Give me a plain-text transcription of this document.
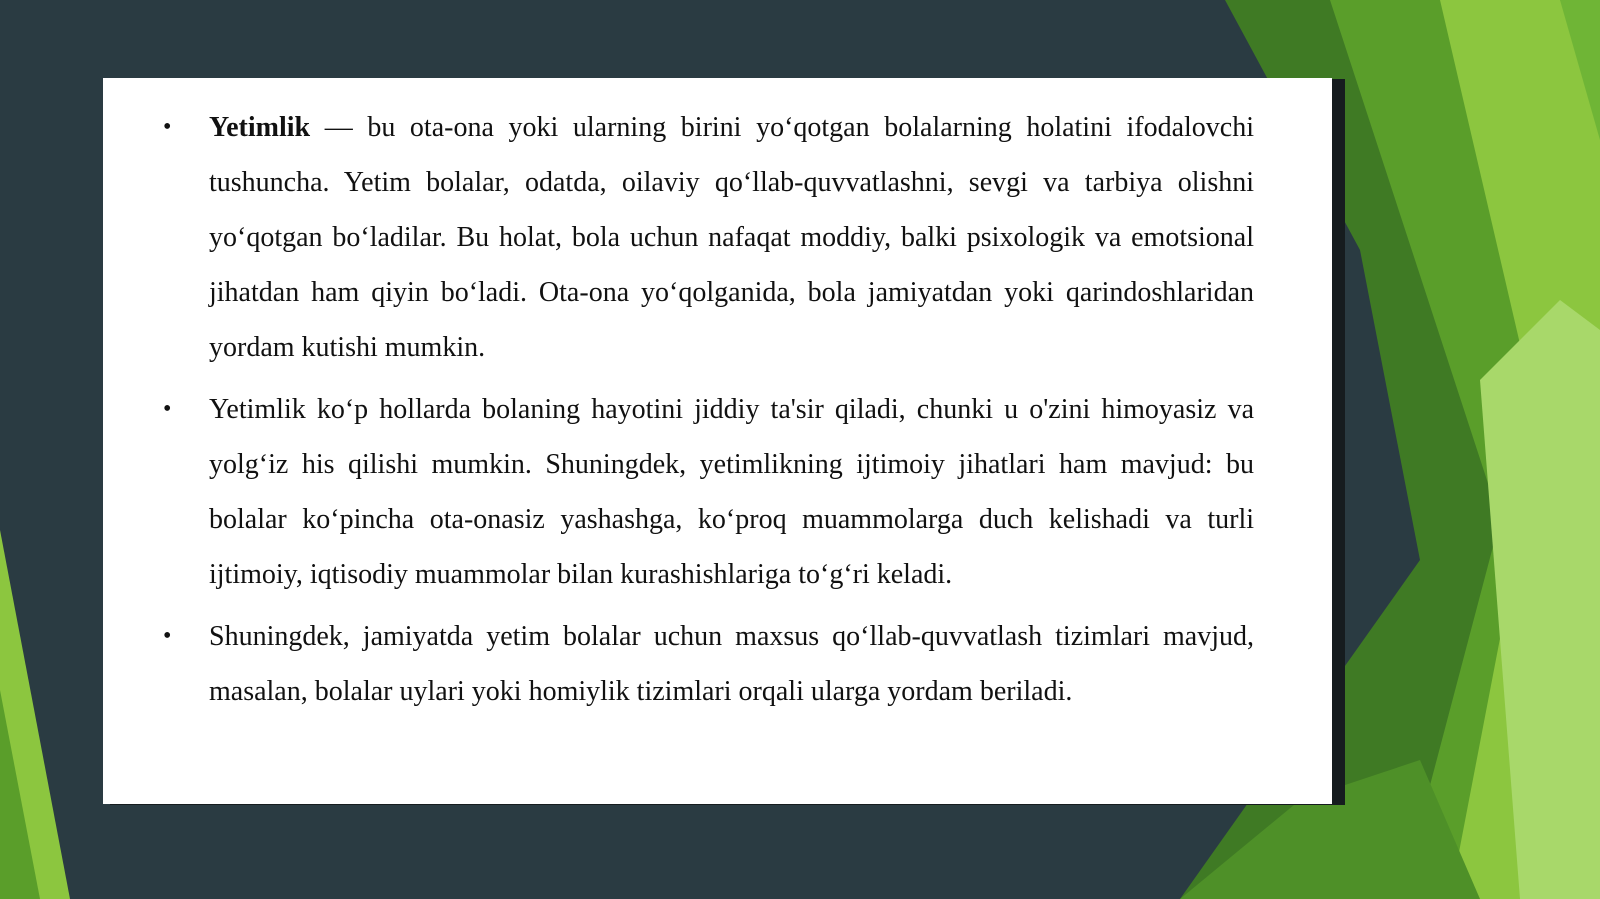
•	Yetimlik — bu ota-ona yoki ularning birini yo‘qotgan bolalarning holatini ifodalovchi tushuncha. Yetim bolalar, odatda, oilaviy qo‘llab-quvvatlashni, sevgi va tarbiya olishni yo‘qotgan bo‘ladilar. Bu holat, bola uchun nafaqat moddiy, balki psixologik va emotsional jihatdan ham qiyin bo‘ladi. Ota-ona yo‘qolganida, bola jamiyatdan yoki qarindoshlaridan yordam kutishi mumkin.
•	Yetimlik ko‘p hollarda bolaning hayotini jiddiy ta'sir qiladi, chunki u o'zini himoyasiz va yolg‘iz his qilishi mumkin. Shuningdek, yetimlikning ijtimoiy jihatlari ham mavjud: bu bolalar ko‘pincha ota-onasiz yashashga, ko‘proq muammolarga duch kelishadi va turli ijtimoiy, iqtisodiy muammolar bilan kurashishlariga to‘g‘ri keladi.
•	Shuningdek, jamiyatda yetim bolalar uchun maxsus qo‘llab-quvvatlash tizimlari mavjud, masalan, bolalar uylari yoki homiylik tizimlari orqali ularga yordam beriladi.
